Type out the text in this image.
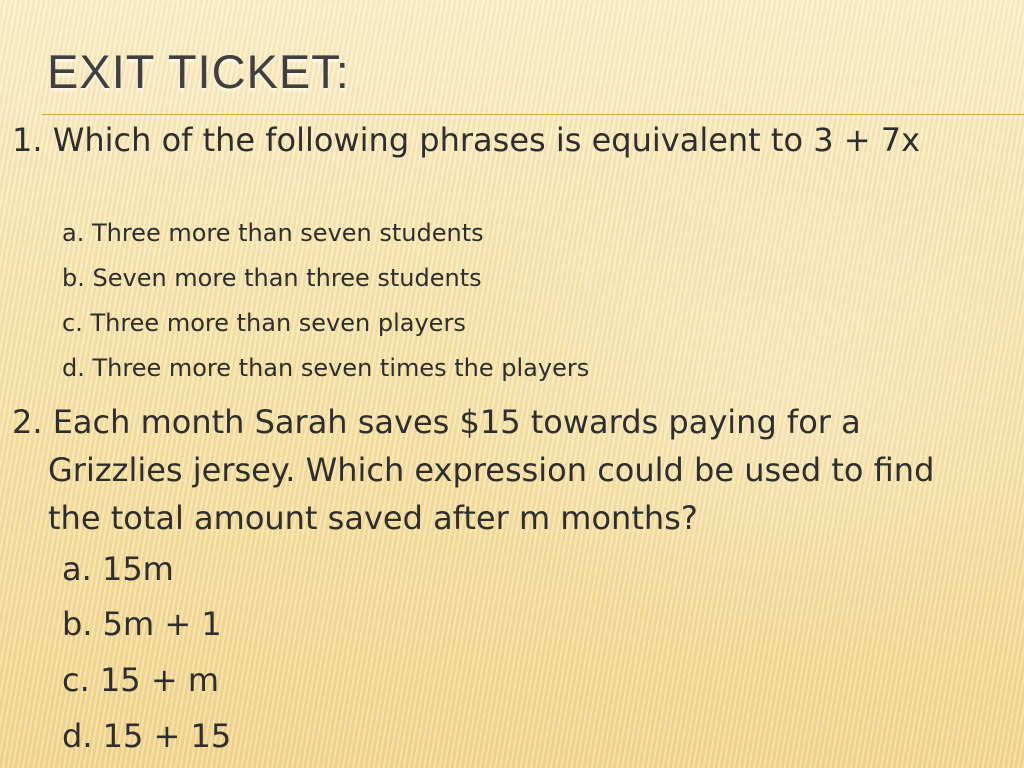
EXIT TICKET:

1. Which of the following phrases is equivalent to 3 + 7x

a. Three more than seven students

b. Seven more than three students

c. Three more than seven players

d. Three more than seven times the players

2. Each month Sarah saves $15 towards paying for a Grizzlies jersey. Which expression could be used to find the total amount saved after m months?

a. 15m

b. 5m + 1

c. 15 + m

d. 15 + 15
